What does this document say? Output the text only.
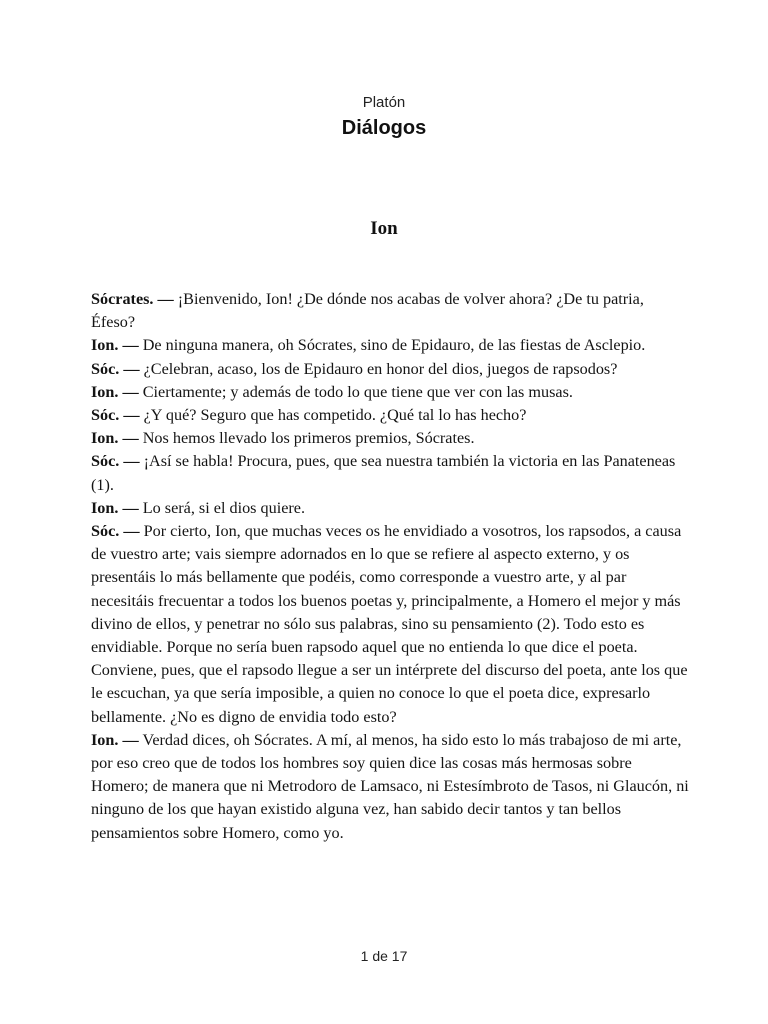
Platón
Diálogos
Ion

Sócrates. — ¡Bienvenido, Ion! ¿De dónde nos acabas de volver ahora? ¿De tu patria, Éfeso?

Ion. — De ninguna manera, oh Sócrates, sino de Epidauro, de las fiestas de Asclepio.

Sóc. — ¿Celebran, acaso, los de Epidauro en honor del dios, juegos de rapsodos?

Ion. — Ciertamente; y además de todo lo que tiene que ver con las musas.

Sóc. — ¿Y qué? Seguro que has competido. ¿Qué tal lo has hecho?

Ion. — Nos hemos llevado los primeros premios, Sócrates.

Sóc. — ¡Así se habla! Procura, pues, que sea nuestra también la victoria en las Panateneas (1).

Ion. — Lo será, si el dios quiere.

Sóc. — Por cierto, Ion, que muchas veces os he envidiado a vosotros, los rapsodos, a causa de vuestro arte; vais siempre adornados en lo que se refiere al aspecto externo, y os presentáis lo más bellamente que podéis, como corresponde a vuestro arte, y al par necesitáis frecuentar a todos los buenos poetas y, principalmente, a Homero el mejor y más divino de ellos, y penetrar no sólo sus palabras, sino su pensamiento (2). Todo esto es envidiable. Porque no sería buen rapsodo aquel que no entienda lo que dice el poeta. Conviene, pues, que el rapsodo llegue a ser un intérprete del discurso del poeta, ante los que le escuchan, ya que sería imposible, a quien no conoce lo que el poeta dice, expresarlo bellamente. ¿No es digno de envidia todo esto?

Ion. — Verdad dices, oh Sócrates. A mí, al menos, ha sido esto lo más trabajoso de mi arte, por eso creo que de todos los hombres soy quien dice las cosas más hermosas sobre Homero; de manera que ni Metrodoro de Lamsaco, ni Estesímbroto de Tasos, ni Glaucón, ni ninguno de los que hayan existido alguna vez, han sabido decir tantos y tan bellos pensamientos sobre Homero, como yo.

1 de 17
